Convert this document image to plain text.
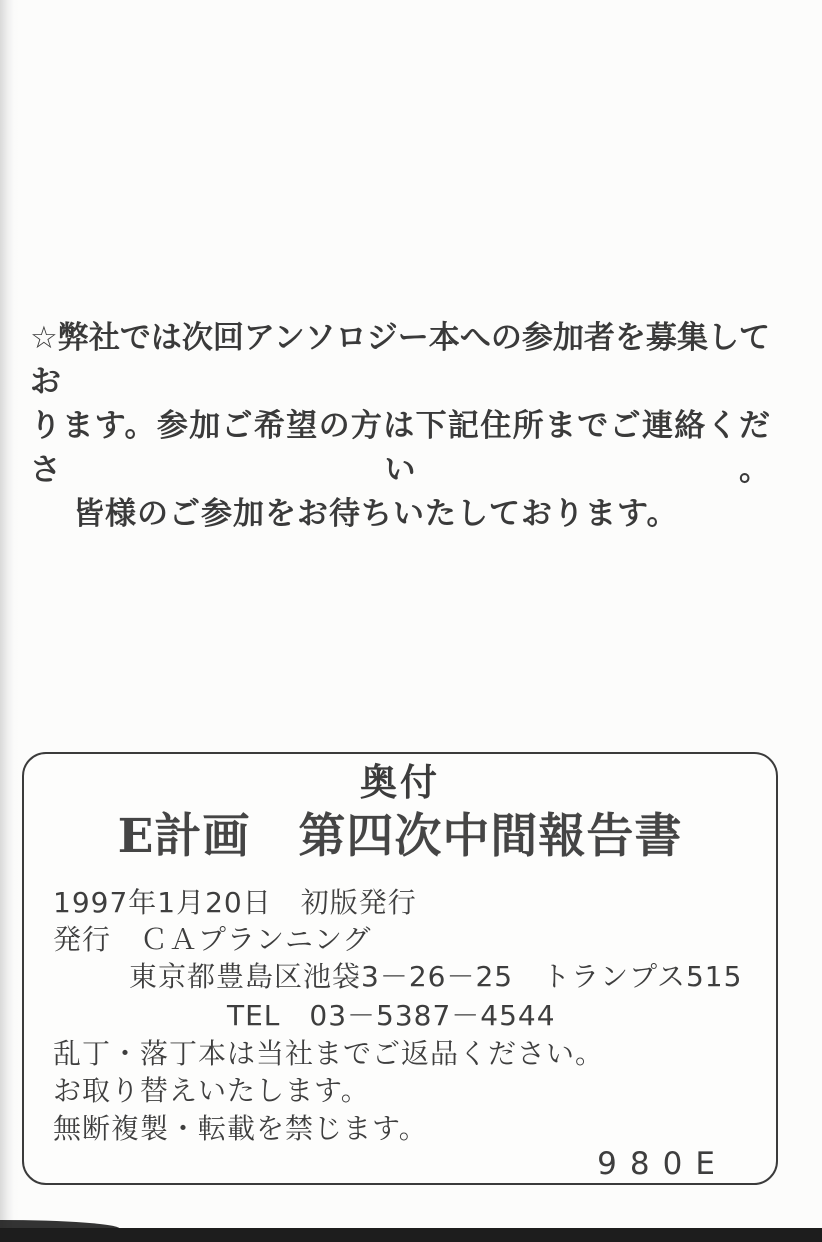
☆弊社では次回アンソロジー本への参加者を募集してお
ります。参加ご希望の方は下記住所までご連絡ください。
皆様のご参加をお待ちいたしております。
奥付
E計画　第四次中間報告書
1997年1月20日　初版発行
発行　ＣＡプランニング
東京都豊島区池袋3－26－25　トランプス515
TEL　03－5387－4544
乱丁・落丁本は当社までご返品ください。
お取り替えいたします。
無断複製・転載を禁じます。
980E
